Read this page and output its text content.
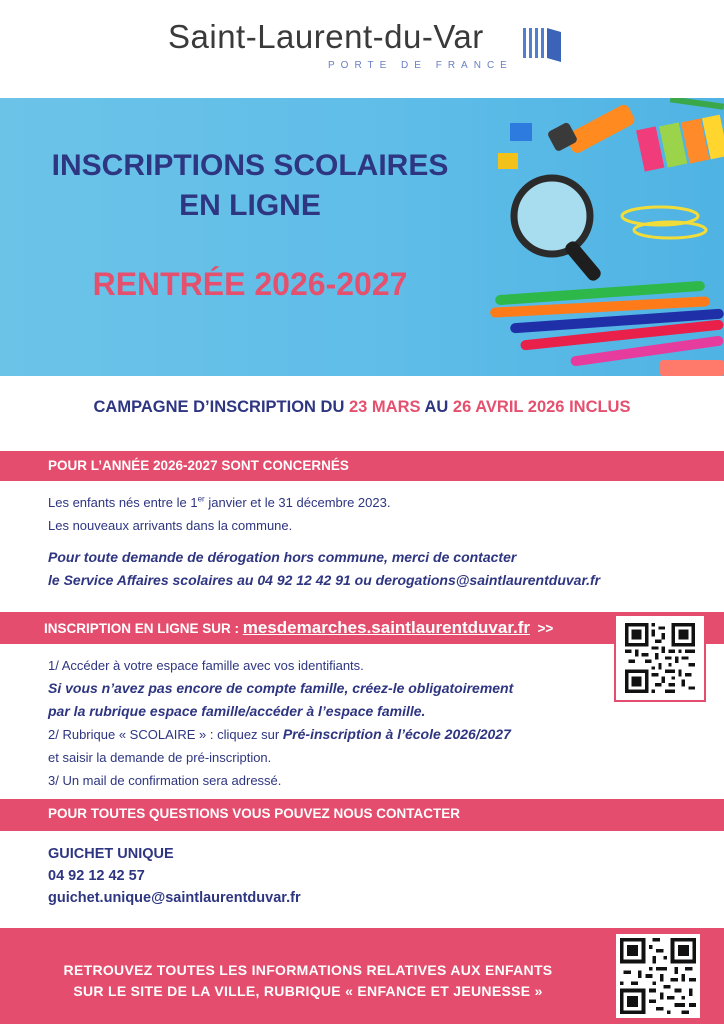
Saint-Laurent-du-Var
PORTE DE FRANCE
INSCRIPTIONS SCOLAIRES
EN LIGNE
RENTRÉE 2026-2027
CAMPAGNE D’INSCRIPTION DU 23 MARS AU 26 AVRIL 2026 INCLUS
POUR L’ANNÉE 2026-2027 SONT CONCERNÉS
Les enfants nés entre le 1er janvier et le 31 décembre 2023.
Les nouveaux arrivants dans la commune.
Pour toute demande de dérogation hors commune, merci de contacter
le Service Affaires scolaires au 04 92 12 42 91 ou derogations@saintlaurentduvar.fr
INSCRIPTION EN LIGNE SUR : mesdemarches.saintlaurentduvar.fr >>
1/ Accéder à votre espace famille avec vos identifiants.
Si vous n’avez pas encore de compte famille, créez-le obligatoirement
par la rubrique espace famille/accéder à l’espace famille.
2/ Rubrique « SCOLAIRE » : cliquez sur Pré-inscription à l’école 2026/2027
et saisir la demande de pré-inscription.
3/ Un mail de confirmation sera adressé.
POUR TOUTES QUESTIONS VOUS POUVEZ NOUS CONTACTER
GUICHET UNIQUE
04 92 12 42 57
guichet.unique@saintlaurentduvar.fr
RETROUVEZ TOUTES LES INFORMATIONS RELATIVES AUX ENFANTS
SUR LE SITE DE LA VILLE, RUBRIQUE « ENFANCE ET JEUNESSE »
